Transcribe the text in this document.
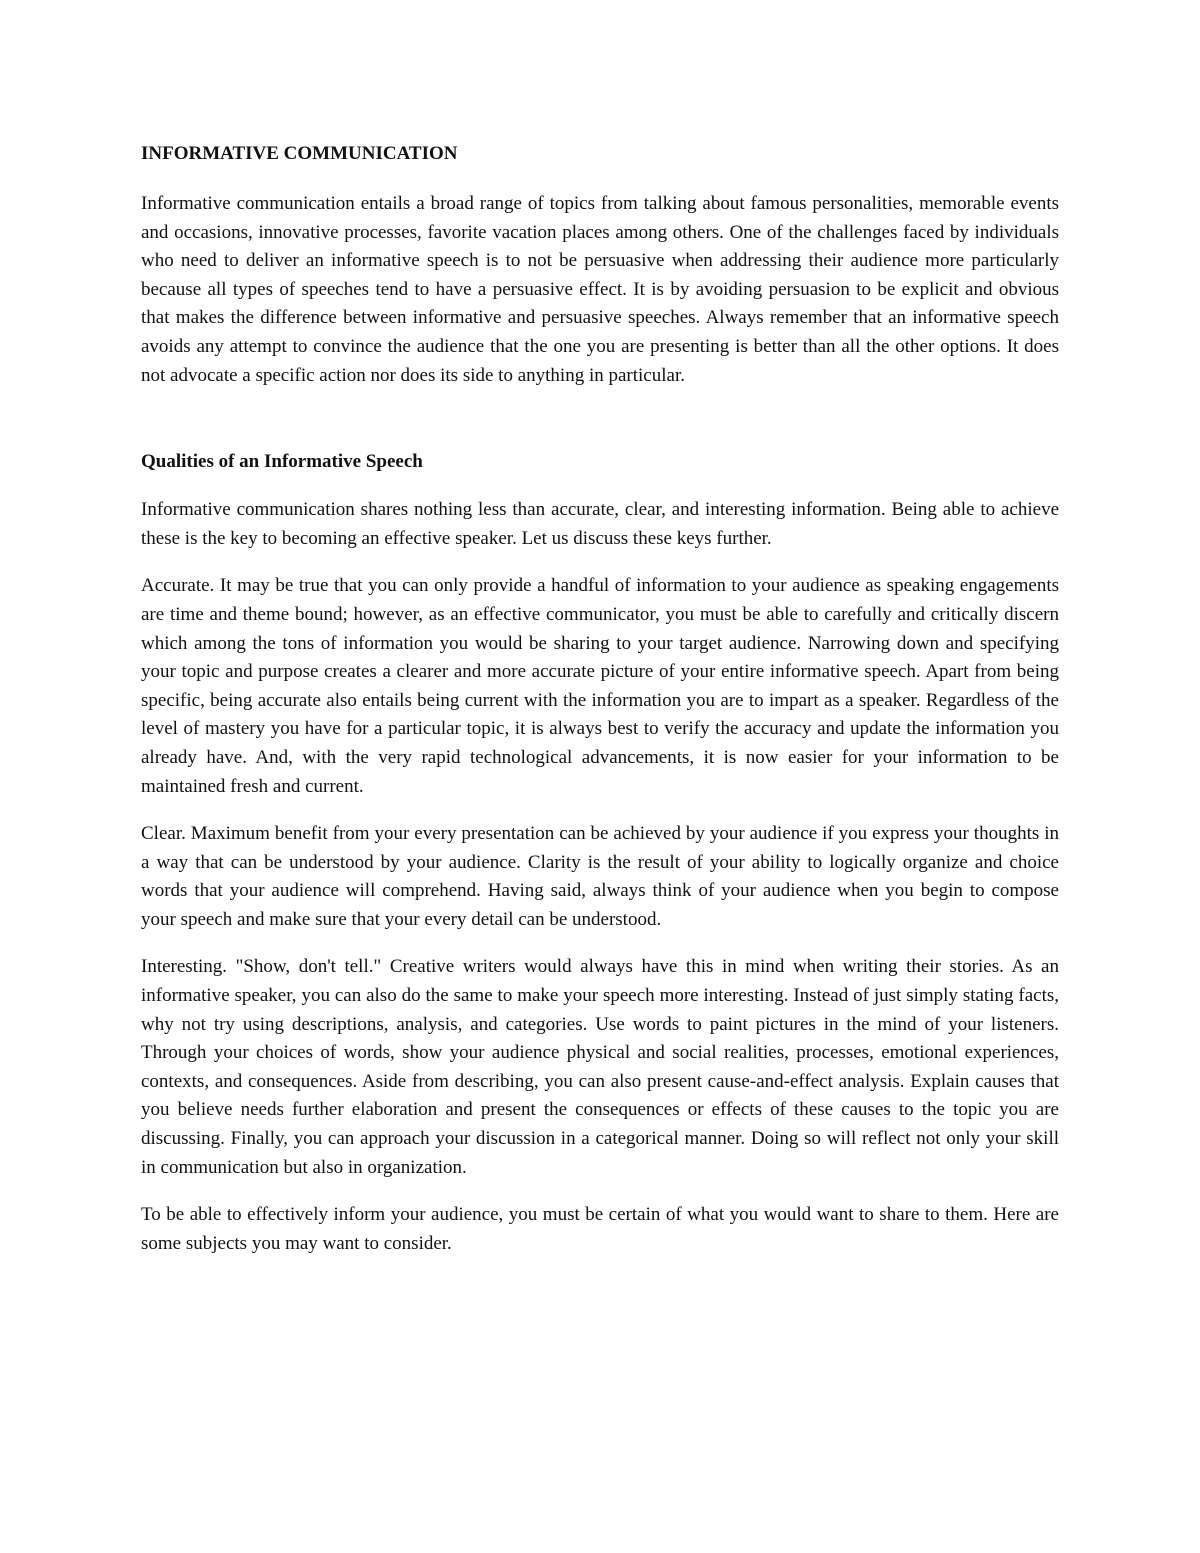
INFORMATIVE COMMUNICATION
Informative communication entails a broad range of topics from talking about famous personalities, memorable events and occasions, innovative processes, favorite vacation places among others. One of the challenges faced by individuals who need to deliver an informative speech is to not be persuasive when addressing their audience more particularly because all types of speeches tend to have a persuasive effect. It is by avoiding persuasion to be explicit and obvious that makes the difference between informative and persuasive speeches. Always remember that an informative speech avoids any attempt to convince the audience that the one you are presenting is better than all the other options. It does not advocate a specific action nor does its side to anything in particular.
Qualities of an Informative Speech
Informative communication shares nothing less than accurate, clear, and interesting information. Being able to achieve these is the key to becoming an effective speaker. Let us discuss these keys further.
Accurate. It may be true that you can only provide a handful of information to your audience as speaking engagements are time and theme bound; however, as an effective communicator, you must be able to carefully and critically discern which among the tons of information you would be sharing to your target audience. Narrowing down and specifying your topic and purpose creates a clearer and more accurate picture of your entire informative speech. Apart from being specific, being accurate also entails being current with the information you are to impart as a speaker. Regardless of the level of mastery you have for a particular topic, it is always best to verify the accuracy and update the information you already have. And, with the very rapid technological advancements, it is now easier for your information to be maintained fresh and current.
Clear. Maximum benefit from your every presentation can be achieved by your audience if you express your thoughts in a way that can be understood by your audience. Clarity is the result of your ability to logically organize and choice words that your audience will comprehend. Having said, always think of your audience when you begin to compose your speech and make sure that your every detail can be understood.
Interesting. "Show, don't tell." Creative writers would always have this in mind when writing their stories. As an informative speaker, you can also do the same to make your speech more interesting. Instead of just simply stating facts, why not try using descriptions, analysis, and categories. Use words to paint pictures in the mind of your listeners. Through your choices of words, show your audience physical and social realities, processes, emotional experiences, contexts, and consequences. Aside from describing, you can also present cause-and-effect analysis. Explain causes that you believe needs further elaboration and present the consequences or effects of these causes to the topic you are discussing. Finally, you can approach your discussion in a categorical manner. Doing so will reflect not only your skill in communication but also in organization.
To be able to effectively inform your audience, you must be certain of what you would want to share to them. Here are some subjects you may want to consider.
